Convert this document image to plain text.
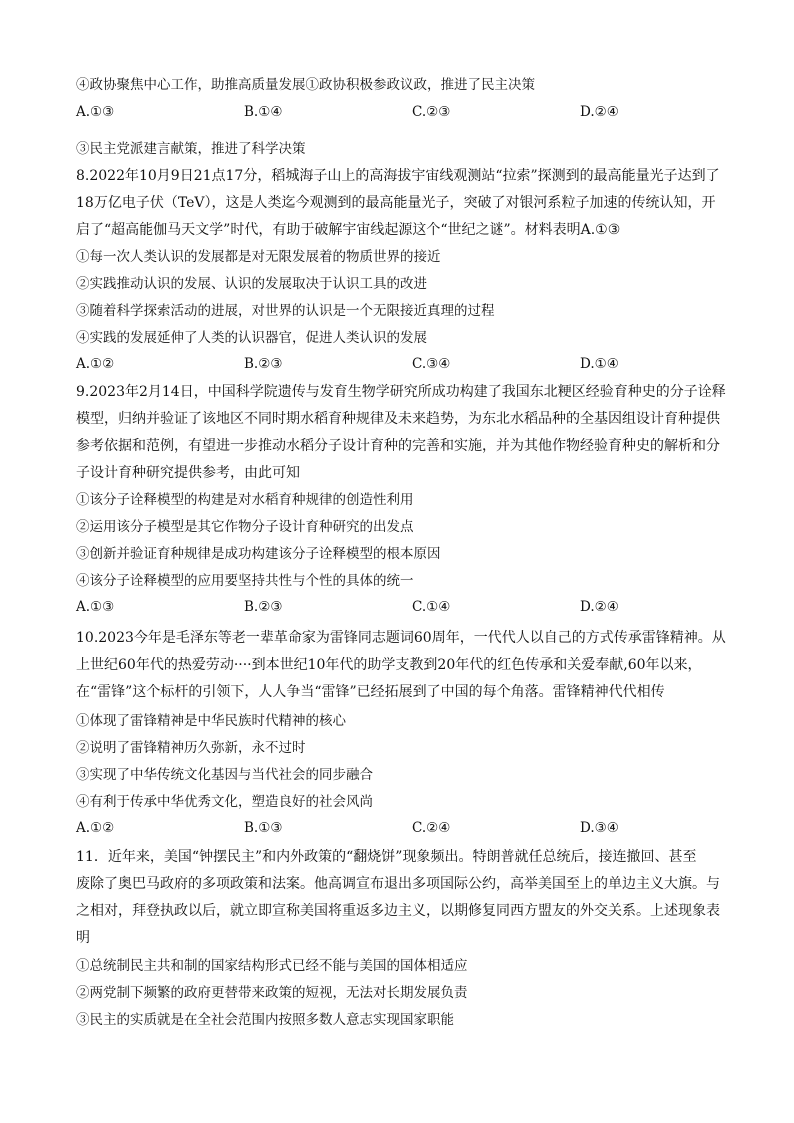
④政协聚焦中心工作，助推高质量发展①政协积极参政议政，推进了民主决策
A.①③	B.①④	C.②③	D.②④
③民主党派建言献策，推进了科学决策
8.2022年10月9日21点17分，稻城海子山上的高海拔宇宙线观测站“拉索”探测到的最高能量光子达到了
18万亿电子伏（TeV），这是人类迄今观测到的最高能量光子，突破了对银河系粒子加速的传统认知，开
启了“超高能伽马天文学”时代，有助于破解宇宙线起源这个“世纪之谜”。材料表明A.①③
①每一次人类认识的发展都是对无限发展着的物质世界的接近
②实践推动认识的发展、认识的发展取决于认识工具的改进
③随着科学探索活动的进展，对世界的认识是一个无限接近真理的过程
④实践的发展延伸了人类的认识器官，促进人类认识的发展
A.①②	B.②③	C.③④	D.①④
9.2023年2月14日，中国科学院遗传与发育生物学研究所成功构建了我国东北粳区经验育种史的分子诠释
模型，归纳并验证了该地区不同时期水稻育种规律及未来趋势，为东北水稻品种的全基因组设计育种提供
参考依据和范例，有望进一步推动水稻分子设计育种的完善和实施，并为其他作物经验育种史的解析和分
子设计育种研究提供参考，由此可知
①该分子诠释模型的构建是对水稻育种规律的创造性利用
②运用该分子模型是其它作物分子设计育种研究的出发点
③创新并验证育种规律是成功构建该分子诠释模型的根本原因
④该分子诠释模型的应用要坚持共性与个性的具体的统一
A.①③	B.②③	C.①④	D.②④
10.2023今年是毛泽东等老一辈革命家为雷锋同志题词60周年，一代代人以自己的方式传承雷锋精神。从
上世纪60年代的热爱劳动····到本世纪10年代的助学支教到20年代的红色传承和关爱奉献,60年以来，
在“雷锋”这个标杆的引领下，人人争当“雷锋”已经拓展到了中国的每个角落。雷锋精神代代相传
①体现了雷锋精神是中华民族时代精神的核心
②说明了雷锋精神历久弥新，永不过时
③实现了中华传统文化基因与当代社会的同步融合
④有利于传承中华优秀文化，塑造良好的社会风尚
A.①②	B.①③	C.②④	D.③④
11．近年来，美国“钟摆民主”和内外政策的“翻烧饼”现象频出。特朗普就任总统后，接连撤回、甚至
废除了奥巴马政府的多项政策和法案。他高调宣布退出多项国际公约，高举美国至上的单边主义大旗。与
之相对，拜登执政以后，就立即宣称美国将重返多边主义，以期修复同西方盟友的外交关系。上述现象表
明
①总统制民主共和制的国家结构形式已经不能与美国的国体相适应
②两党制下频繁的政府更替带来政策的短视，无法对长期发展负责
③民主的实质就是在全社会范围内按照多数人意志实现国家职能
